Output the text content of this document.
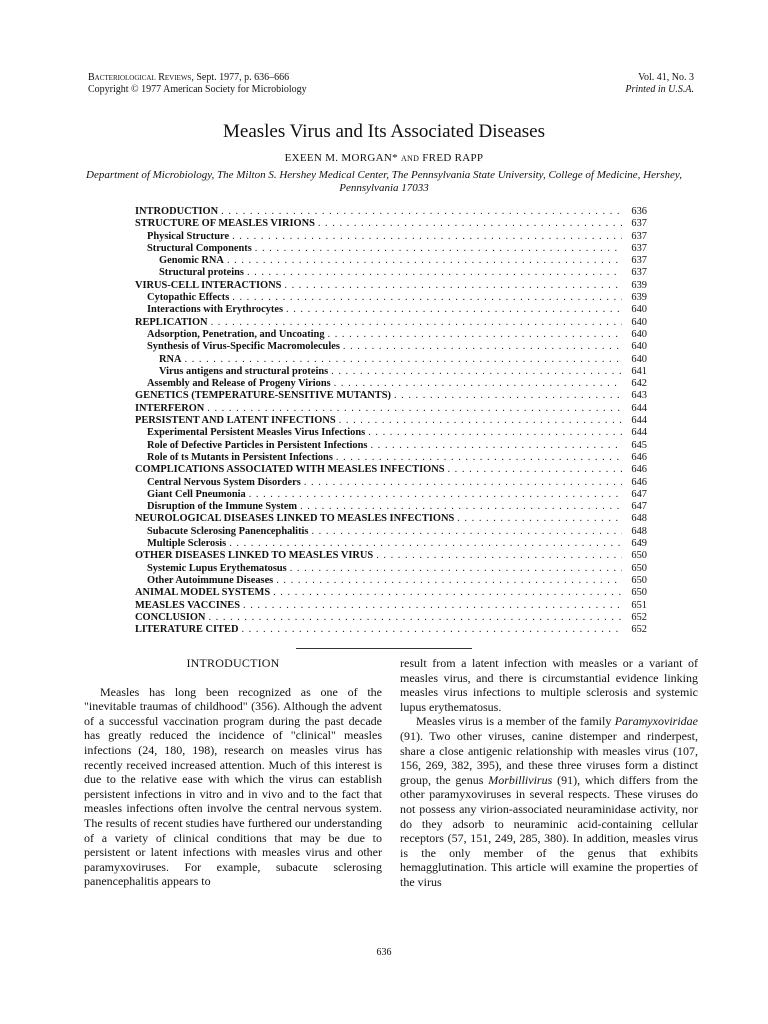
Bacteriological Reviews, Sept. 1977, p. 636–666
Copyright © 1977 American Society for Microbiology
Vol. 41, No. 3
Printed in U.S.A.
Measles Virus and Its Associated Diseases
EXEEN M. MORGAN* and FRED RAPP
Department of Microbiology, The Milton S. Hershey Medical Center, The Pennsylvania State University, College of Medicine, Hershey, Pennsylvania 17033
INTRODUCTION . . .	636
STRUCTURE OF MEASLES VIRIONS . . .	637
Physical Structure . . .	637
Structural Components . . .	637
Genomic RNA . . .	637
Structural proteins . . .	637
VIRUS-CELL INTERACTIONS . . .	639
Cytopathic Effects . . .	639
Interactions with Erythrocytes . . .	640
REPLICATION . . .	640
Adsorption, Penetration, and Uncoating . . .	640
Synthesis of Virus-Specific Macromolecules . . .	640
RNA . . .	640
Virus antigens and structural proteins . . .	641
Assembly and Release of Progeny Virions . . .	642
GENETICS (TEMPERATURE-SENSITIVE MUTANTS) . . .	643
INTERFERON . . .	644
PERSISTENT AND LATENT INFECTIONS . . .	644
Experimental Persistent Measles Virus Infections . . .	644
Role of Defective Particles in Persistent Infections . . .	645
Role of ts Mutants in Persistent Infections . . .	646
COMPLICATIONS ASSOCIATED WITH MEASLES INFECTIONS . . .	646
Central Nervous System Disorders . . .	646
Giant Cell Pneumonia . . .	647
Disruption of the Immune System . . .	647
NEUROLOGICAL DISEASES LINKED TO MEASLES INFECTIONS . . .	648
Subacute Sclerosing Panencephalitis . . .	648
Multiple Sclerosis . . .	649
OTHER DISEASES LINKED TO MEASLES VIRUS . . .	650
Systemic Lupus Erythematosus . . .	650
Other Autoimmune Diseases . . .	650
ANIMAL MODEL SYSTEMS . . .	650
MEASLES VACCINES . . .	651
CONCLUSION . . .	652
LITERATURE CITED . . .	652
INTRODUCTION

Measles has long been recognized as one of the "inevitable traumas of childhood" (356). Although the advent of a successful vaccination program during the past decade has greatly reduced the incidence of "clinical" measles infections (24, 180, 198), research on measles virus has recently received increased attention. Much of this interest is due to the relative ease with which the virus can establish persistent infections in vitro and in vivo and to the fact that measles infections often involve the central nervous system. The results of recent studies have furthered our understanding of a variety of clinical conditions that may be due to persistent or latent infections with measles virus and other paramyxoviruses. For example, subacute sclerosing panencephalitis appears to

result from a latent infection with measles or a variant of measles virus, and there is circumstantial evidence linking measles virus infections to multiple sclerosis and systemic lupus erythematosus.

Measles virus is a member of the family Paramyxoviridae (91). Two other viruses, canine distemper and rinderpest, share a close antigenic relationship with measles virus (107, 156, 269, 382, 395), and these three viruses form a distinct group, the genus Morbillivirus (91), which differs from the other paramyxoviruses in several respects. These viruses do not possess any virion-associated neuraminidase activity, nor do they adsorb to neuraminic acid-containing cellular receptors (57, 151, 249, 285, 380). In addition, measles virus is the only member of the genus that exhibits hemagglutination. This article will examine the properties of the virus

636
